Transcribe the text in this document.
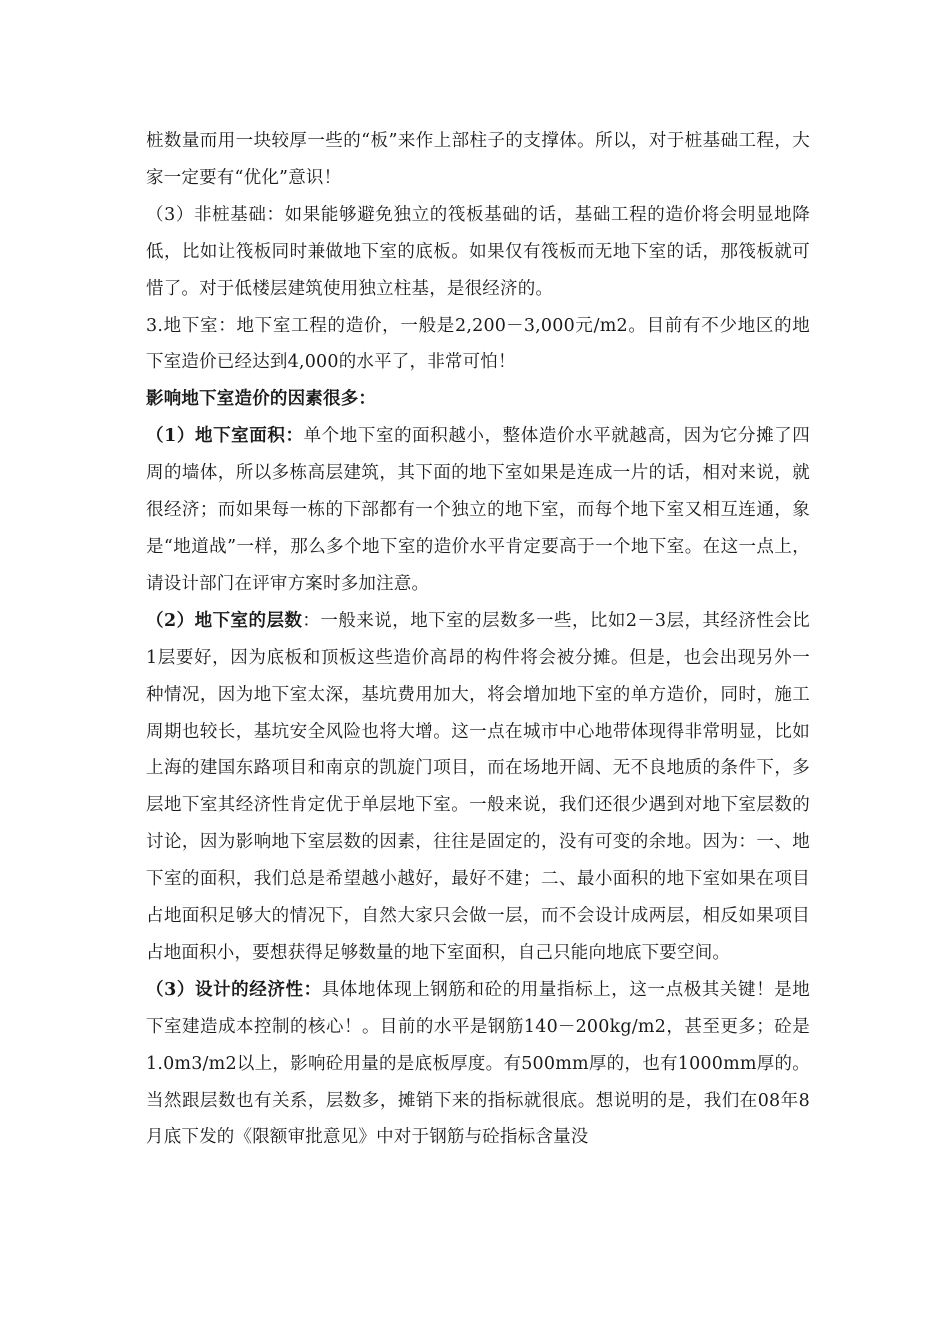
桩数量而用一块较厚一些的“板”来作上部柱子的支撑体。所以，对于桩基础工程，大家一定要有“优化”意识！

（3）非桩基础：如果能够避免独立的筏板基础的话，基础工程的造价将会明显地降低，比如让筏板同时兼做地下室的底板。如果仅有筏板而无地下室的话，那筏板就可惜了。对于低楼层建筑使用独立柱基，是很经济的。

3.地下室：地下室工程的造价，一般是2,200－3,000元/m2。目前有不少地区的地下室造价已经达到4,000的水平了，非常可怕！

影响地下室造价的因素很多：

（1）地下室面积：单个地下室的面积越小，整体造价水平就越高，因为它分摊了四周的墙体，所以多栋高层建筑，其下面的地下室如果是连成一片的话，相对来说，就很经济；而如果每一栋的下部都有一个独立的地下室，而每个地下室又相互连通，象是“地道战”一样，那么多个地下室的造价水平肯定要高于一个地下室。在这一点上，请设计部门在评审方案时多加注意。

（2）地下室的层数：一般来说，地下室的层数多一些，比如2－3层，其经济性会比1层要好，因为底板和顶板这些造价高昂的构件将会被分摊。但是，也会出现另外一种情况，因为地下室太深，基坑费用加大，将会增加地下室的单方造价，同时，施工周期也较长，基坑安全风险也将大增。这一点在城市中心地带体现得非常明显，比如上海的建国东路项目和南京的凯旋门项目，而在场地开阔、无不良地质的条件下，多层地下室其经济性肯定优于单层地下室。一般来说，我们还很少遇到对地下室层数的讨论，因为影响地下室层数的因素，往往是固定的，没有可变的余地。因为：一、地下室的面积，我们总是希望越小越好，最好不建；二、最小面积的地下室如果在项目占地面积足够大的情况下，自然大家只会做一层，而不会设计成两层，相反如果项目占地面积小，要想获得足够数量的地下室面积，自己只能向地底下要空间。

（3）设计的经济性：具体地体现上钢筋和砼的用量指标上，这一点极其关键！是地下室建造成本控制的核心！。目前的水平是钢筋140－200kg/m2，甚至更多；砼是1.0m3/m2以上，影响砼用量的是底板厚度。有500mm厚的，也有1000mm厚的。当然跟层数也有关系，层数多，摊销下来的指标就很底。想说明的是，我们在08年8月底下发的《限额审批意见》中对于钢筋与砼指标含量没
